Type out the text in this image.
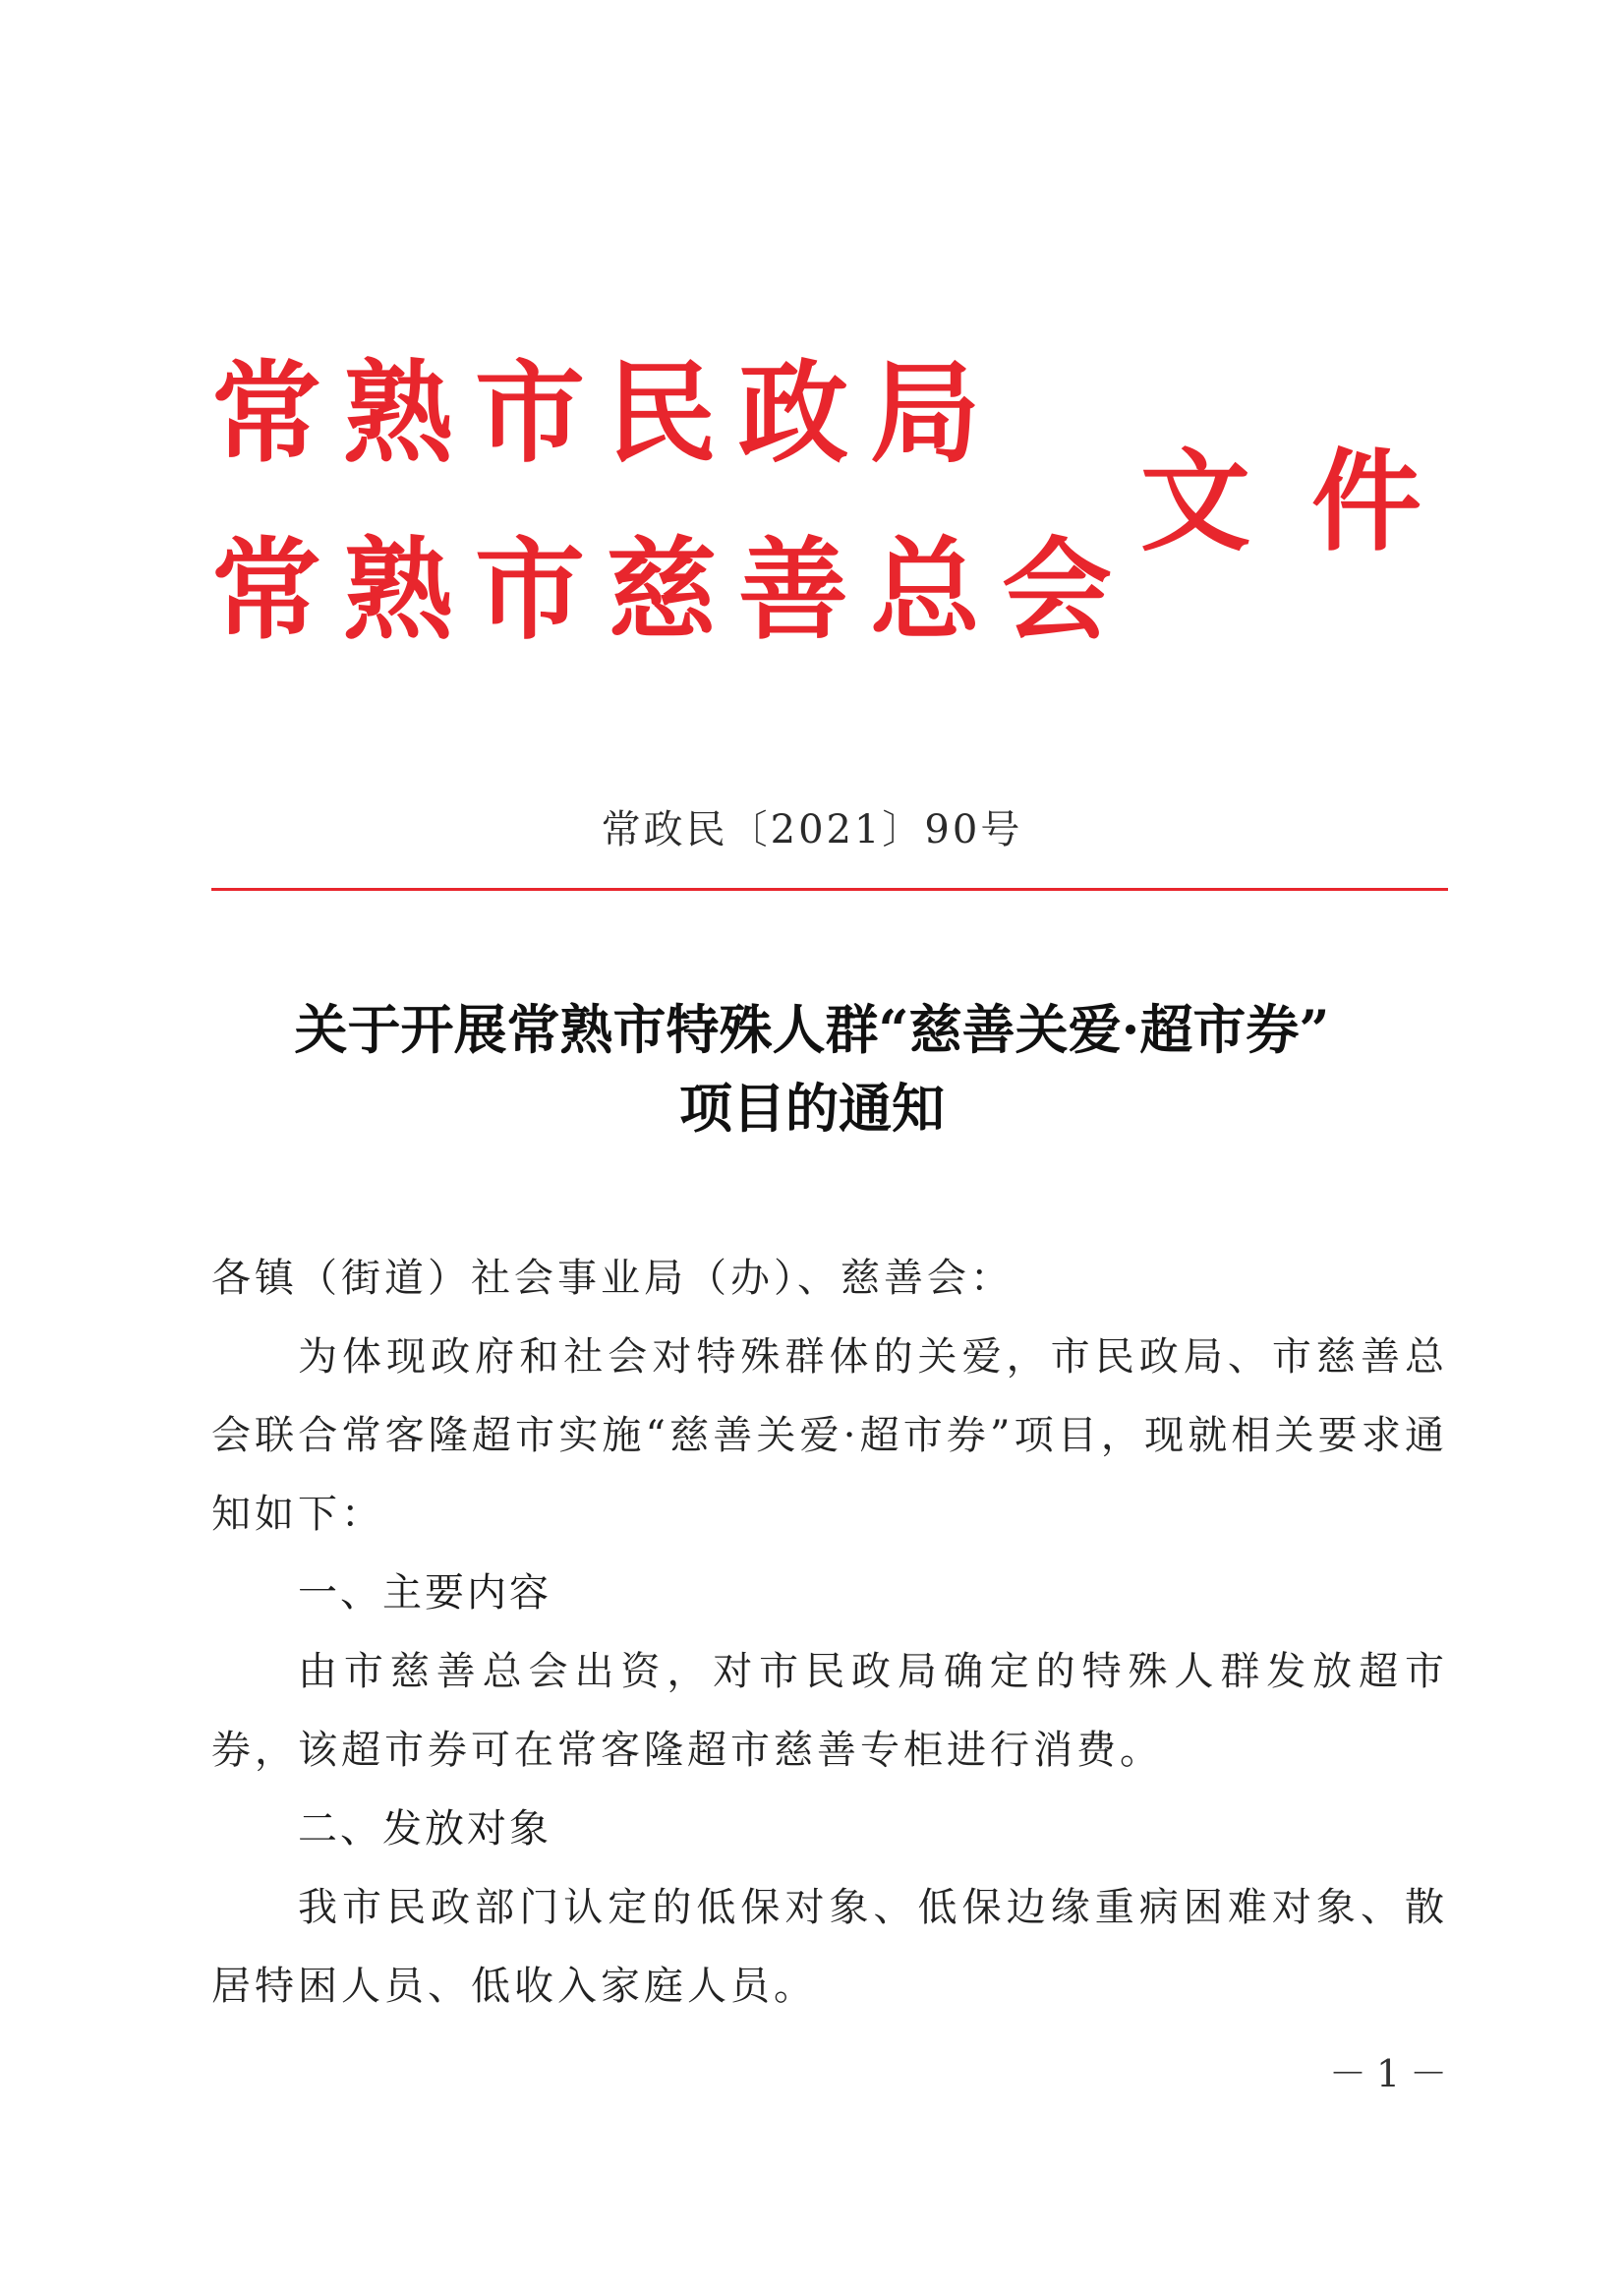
常熟市民政局
常熟市慈善总会
文件
常政民〔2021〕90号
关于开展常熟市特殊人群“慈善关爱·超市券”
项目的通知

各镇（街道）社会事业局（办）、慈善会：

为体现政府和社会对特殊群体的关爱，市民政局、市慈善总会联合常客隆超市实施“慈善关爱·超市券”项目，现就相关要求通知如下：

一、主要内容

由市慈善总会出资，对市民政局确定的特殊人群发放超市券，该超市券可在常客隆超市慈善专柜进行消费。

二、发放对象

我市民政部门认定的低保对象、低保边缘重病困难对象、散居特困人员、低收入家庭人员。

－1－
